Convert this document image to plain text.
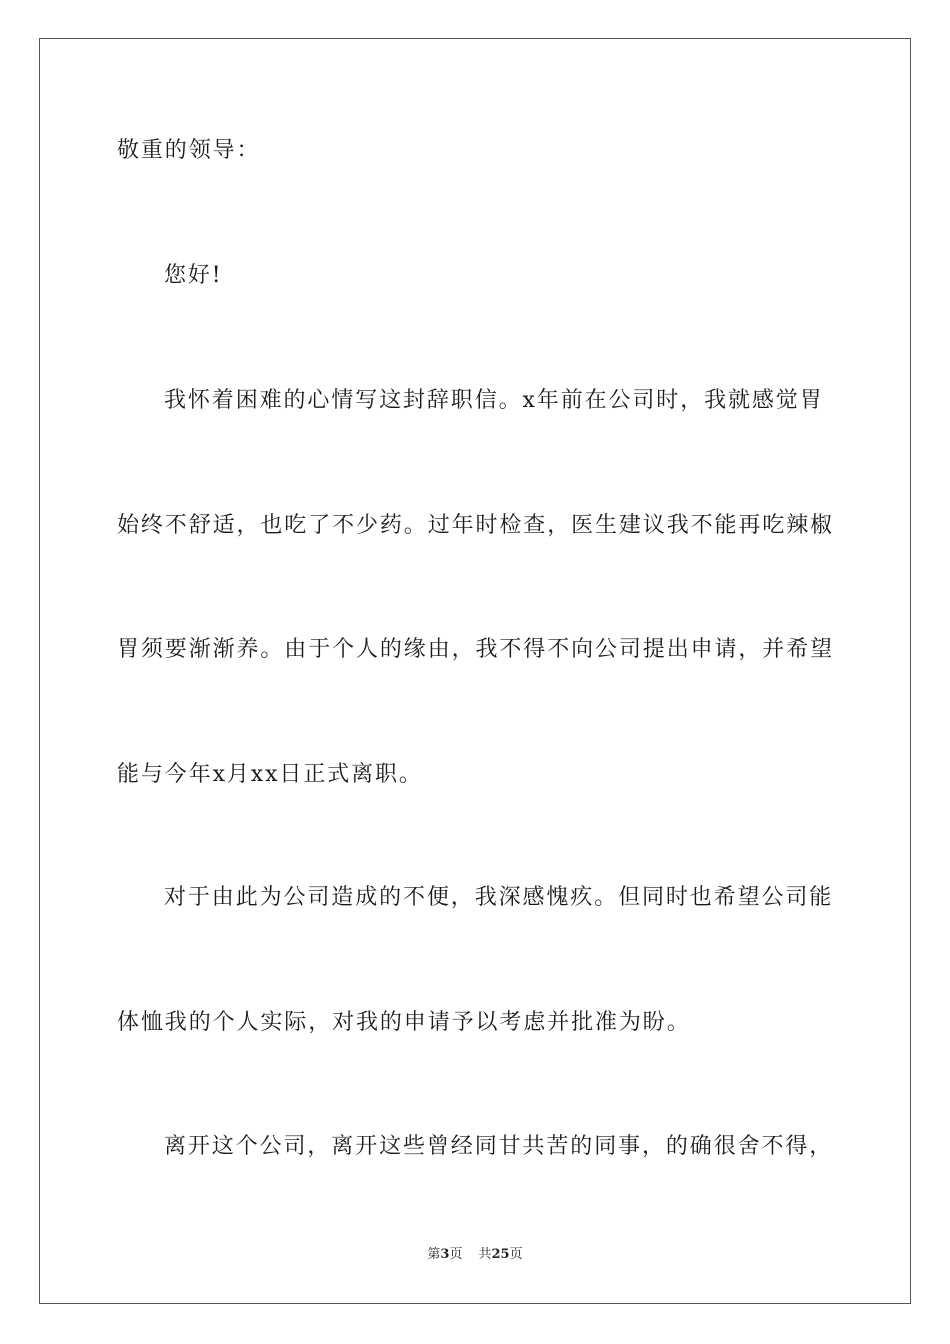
敬重的领导：
您好!
我怀着困难的心情写这封辞职信。x年前在公司时，我就感觉胃
始终不舒适，也吃了不少药。过年时检查，医生建议我不能再吃辣椒
胃须要渐渐养。由于个人的缘由，我不得不向公司提出申请，并希望
能与今年x月xx日正式离职。
对于由此为公司造成的不便，我深感愧疚。但同时也希望公司能
体恤我的个人实际，对我的申请予以考虑并批准为盼。
离开这个公司，离开这些曾经同甘共苦的同事，的确很舍不得，
第3页 共25页
